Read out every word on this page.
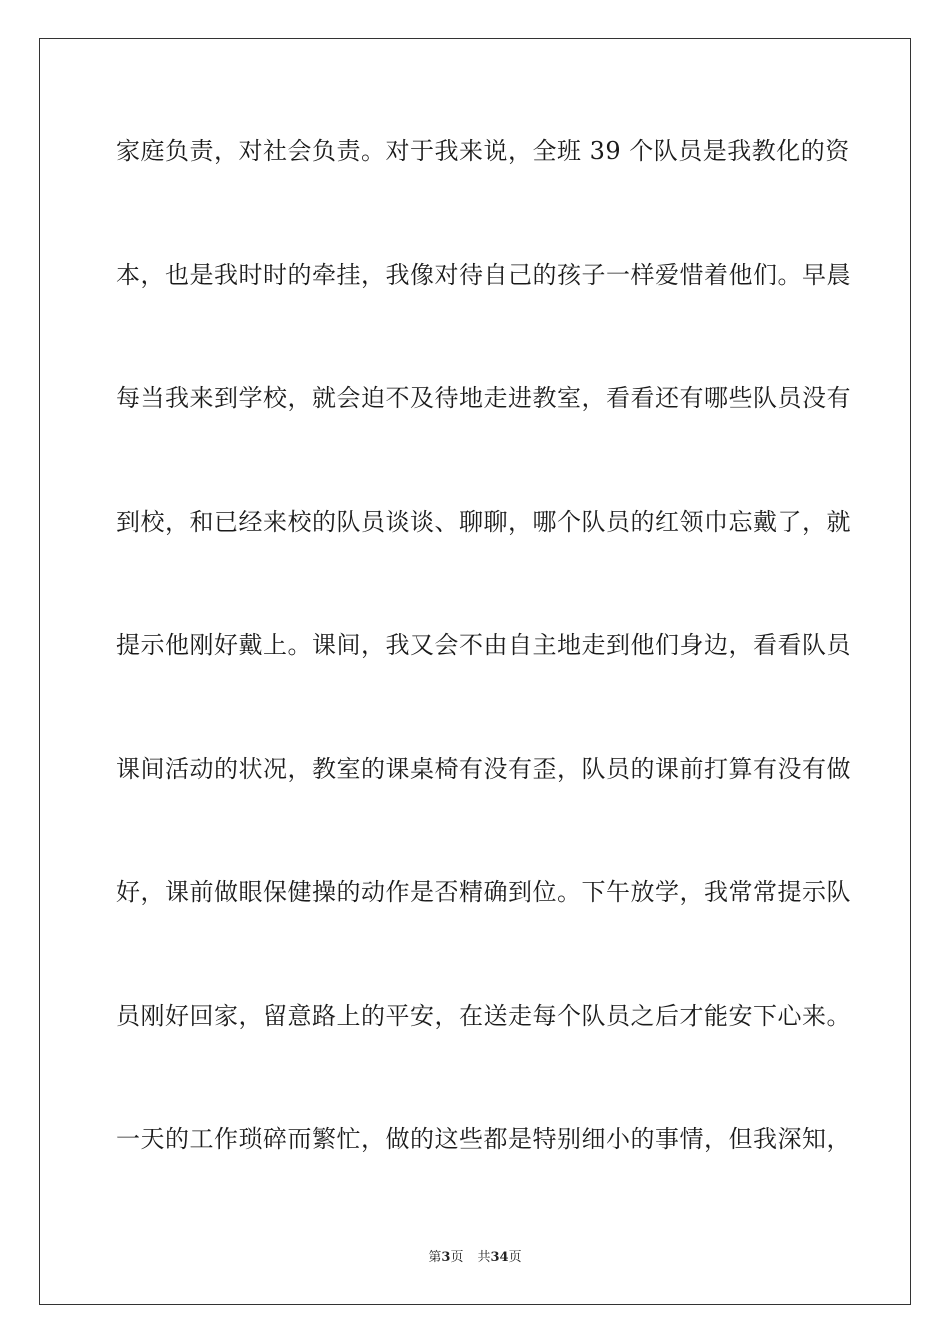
家庭负责，对社会负责。对于我来说，全班 39 个队员是我教化的资
本，也是我时时的牵挂，我像对待自己的孩子一样爱惜着他们。早晨
每当我来到学校，就会迫不及待地走进教室，看看还有哪些队员没有
到校，和已经来校的队员谈谈、聊聊，哪个队员的红领巾忘戴了，就
提示他刚好戴上。课间，我又会不由自主地走到他们身边，看看队员
课间活动的状况，教室的课桌椅有没有歪，队员的课前打算有没有做
好，课前做眼保健操的动作是否精确到位。下午放学，我常常提示队
员刚好回家，留意路上的平安，在送走每个队员之后才能安下心来。
一天的工作琐碎而繁忙，做的这些都是特别细小的事情，但我深知，
第3页 共34页
